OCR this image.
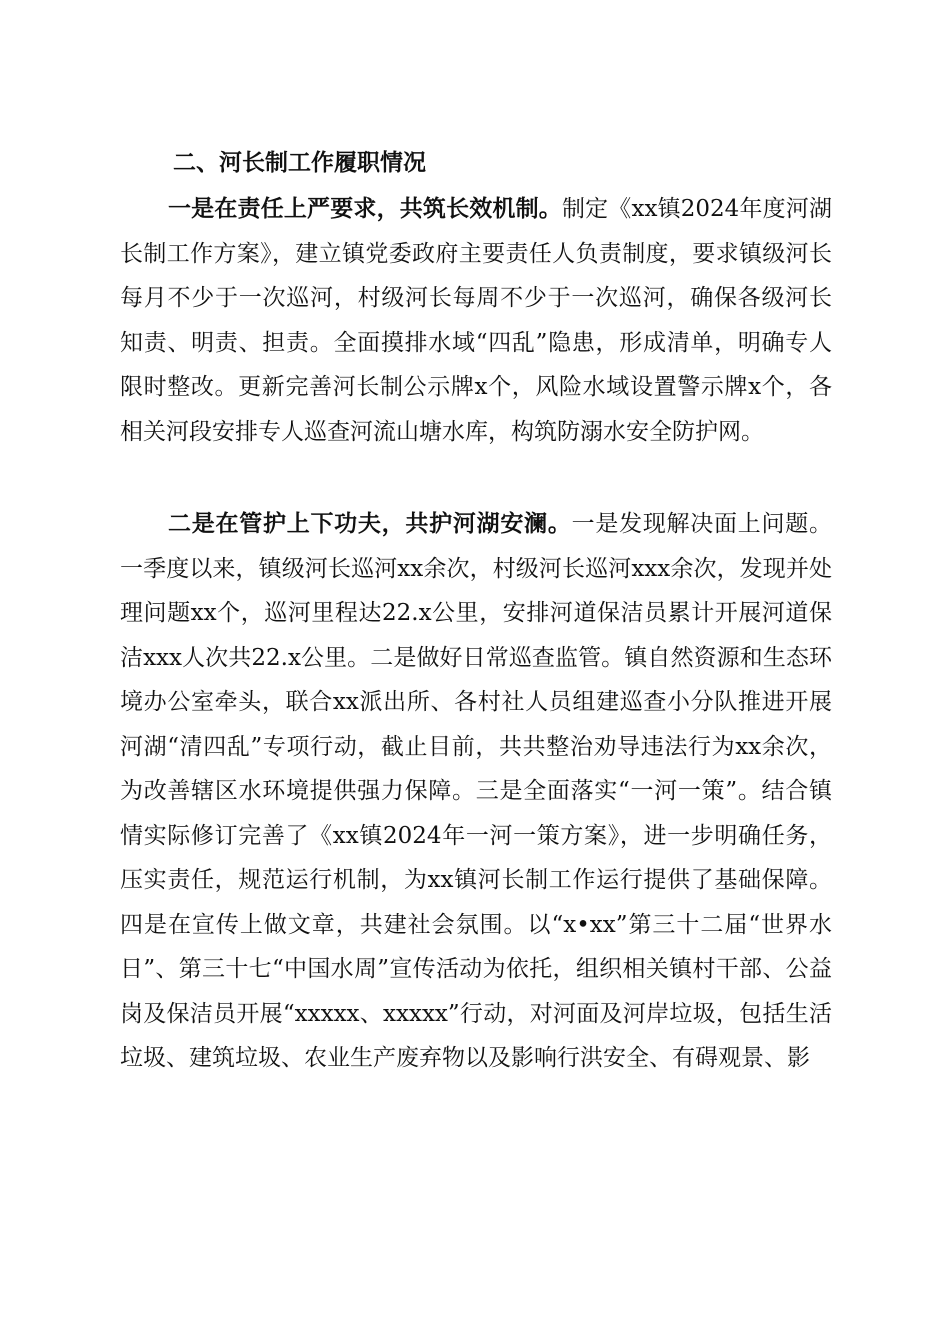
二、河长制工作履职情况

一是在责任上严要求，共筑长效机制。制定《xx镇2024年度河湖长制工作方案》，建立镇党委政府主要责任人负责制度，要求镇级河长每月不少于一次巡河，村级河长每周不少于一次巡河，确保各级河长知责、明责、担责。全面摸排水域“四乱”隐患，形成清单，明确专人限时整改。更新完善河长制公示牌x个，风险水域设置警示牌x个，各相关河段安排专人巡查河流山塘水库，构筑防溺水安全防护网。

二是在管护上下功夫，共护河湖安澜。一是发现解决面上问题。一季度以来，镇级河长巡河xx余次，村级河长巡河xxx余次，发现并处理问题xx个，巡河里程达22.x公里，安排河道保洁员累计开展河道保洁xxx人次共22.x公里。二是做好日常巡查监管。镇自然资源和生态环境办公室牵头，联合xx派出所、各村社人员组建巡查小分队推进开展河湖“清四乱”专项行动，截止目前，共共整治劝导违法行为xx余次，为改善辖区水环境提供强力保障。三是全面落实“一河一策”。结合镇情实际修订完善了《xx镇2024年一河一策方案》，进一步明确任务，压实责任，规范运行机制，为xx镇河长制工作运行提供了基础保障。四是在宣传上做文章，共建社会氛围。以“x•xx”第三十二届“世界水日”、第三十七“中国水周”宣传活动为依托，组织相关镇村干部、公益岗及保洁员开展“xxxxx、xxxxx”行动，对河面及河岸垃圾，包括生活垃圾、建筑垃圾、农业生产废弃物以及影响行洪安全、有碍观景、影
